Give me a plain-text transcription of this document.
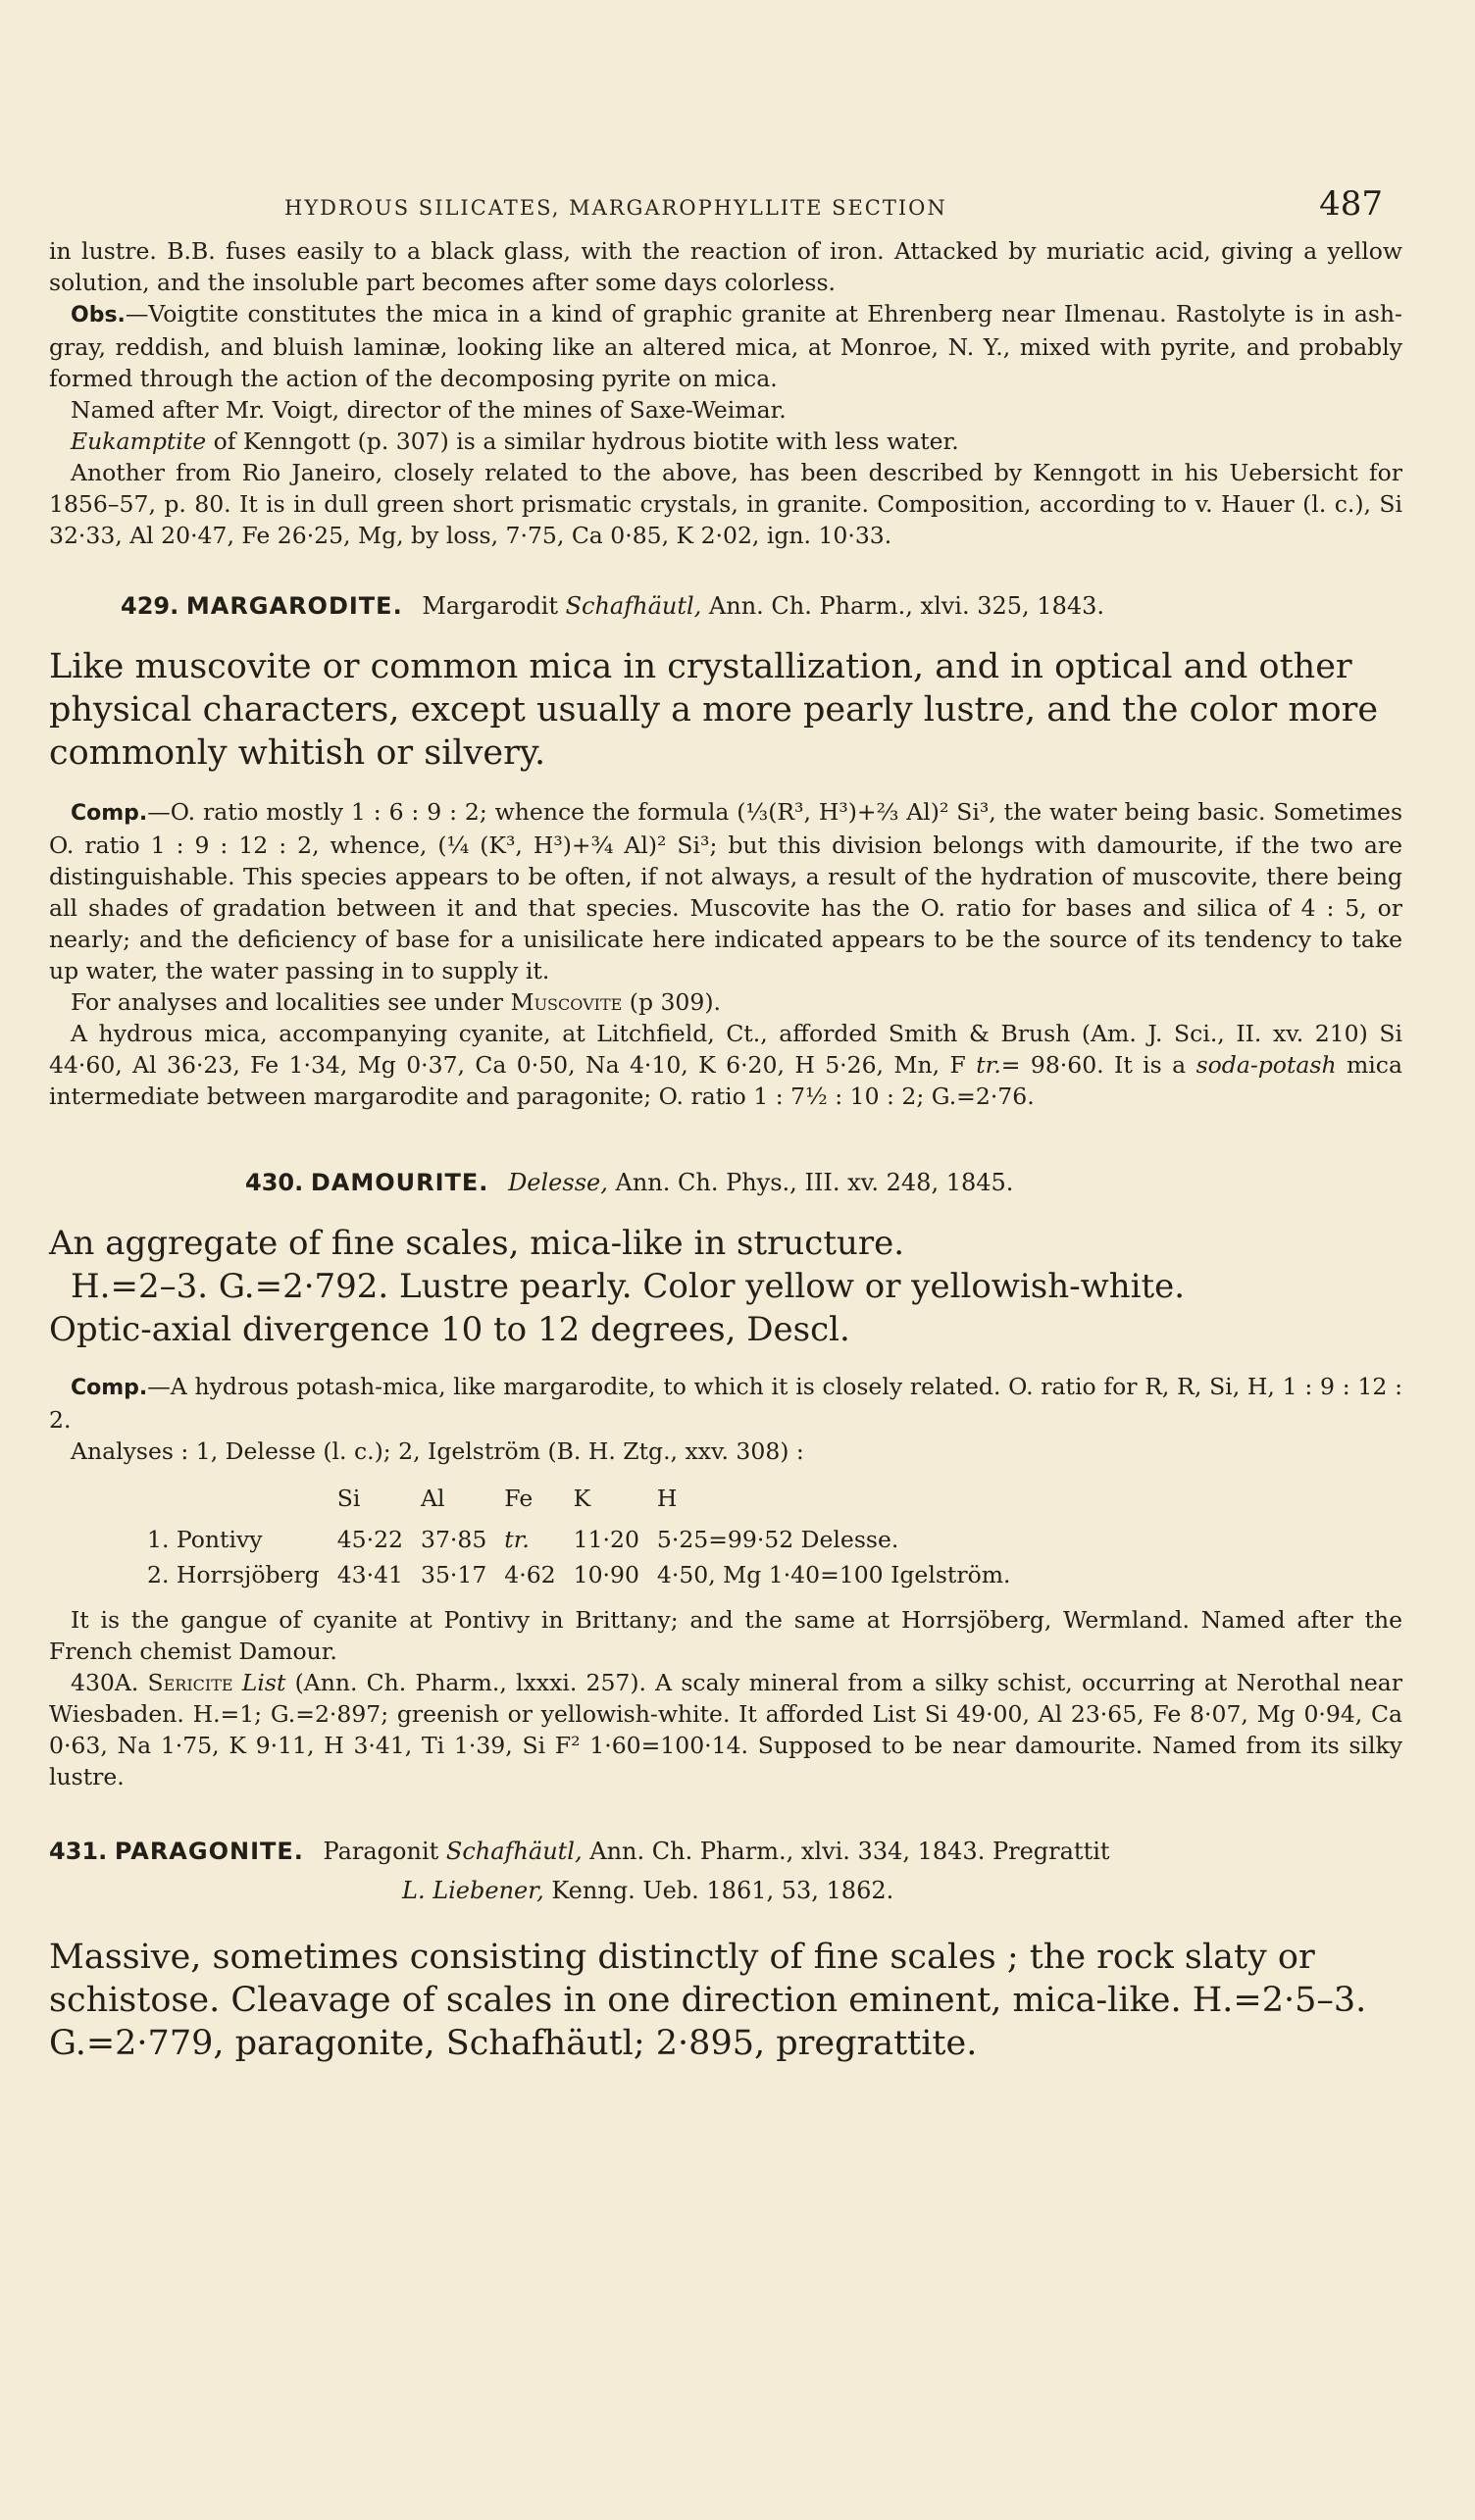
HYDROUS SILICATES, MARGAROPHYLLITE SECTION	487

in lustre. B.B. fuses easily to a black glass, with the reaction of iron. Attacked by muriatic acid, giving a yellow solution, and the insoluble part becomes after some days colorless.

Obs.—Voigtite constitutes the mica in a kind of graphic granite at Ehrenberg near Ilmenau. Rastolyte is in ash-gray, reddish, and bluish laminæ, looking like an altered mica, at Monroe, N. Y., mixed with pyrite, and probably formed through the action of the decomposing pyrite on mica.

Named after Mr. Voigt, director of the mines of Saxe-Weimar.

Eukamptite of Kenngott (p. 307) is a similar hydrous biotite with less water.

Another from Rio Janeiro, closely related to the above, has been described by Kenngott in his Uebersicht for 1856–57, p. 80. It is in dull green short prismatic crystals, in granite. Composition, according to v. Hauer (l. c.), Si 32·33, Al 20·47, Fe 26·25, Mg, by loss, 7·75, Ca 0·85, K 2·02, ign. 10·33.

429. MARGARODITE. Margarodit Schafhäutl, Ann. Ch. Pharm., xlvi. 325, 1843.

Like muscovite or common mica in crystallization, and in optical and other physical characters, except usually a more pearly lustre, and the color more commonly whitish or silvery.

Comp.—O. ratio mostly 1 : 6 : 9 : 2; whence the formula (⅓(R³, H³)+⅔ Al)² Si³, the water being basic. Sometimes O. ratio 1 : 9 : 12 : 2, whence, (¼ (K³, H³)+¾ Al)² Si³; but this division belongs with damourite, if the two are distinguishable. This species appears to be often, if not always, a result of the hydration of muscovite, there being all shades of gradation between it and that species. Muscovite has the O. ratio for bases and silica of 4 : 5, or nearly; and the deficiency of base for a unisilicate here indicated appears to be the source of its tendency to take up water, the water passing in to supply it.

For analyses and localities see under Muscovite (p 309).

A hydrous mica, accompanying cyanite, at Litchfield, Ct., afforded Smith & Brush (Am. J. Sci., II. xv. 210) Si 44·60, Al 36·23, Fe 1·34, Mg 0·37, Ca 0·50, Na 4·10, K 6·20, H 5·26, Mn, F tr.= 98·60. It is a soda-potash mica intermediate between margarodite and paragonite; O. ratio 1 : 7½ : 10 : 2; G.=2·76.

430. DAMOURITE. Delesse, Ann. Ch. Phys., III. xv. 248, 1845.

An aggregate of fine scales, mica-like in structure.

H.=2–3. G.=2·792. Lustre pearly. Color yellow or yellowish-white.

Optic-axial divergence 10 to 12 degrees, Descl.

Comp.—A hydrous potash-mica, like margarodite, to which it is closely related. O. ratio for R, R, Si, H, 1 : 9 : 12 : 2.

Analyses : 1, Delesse (l. c.); 2, Igelström (B. H. Ztg., xxv. 308) :

	Si	Al	Fe	K	H
1. Pontivy	45·22	37·85	tr.	11·20	5·25=99·52 Delesse.
2. Horrsjöberg	43·41	35·17	4·62	10·90	4·50, Mg 1·40=100 Igelström.

It is the gangue of cyanite at Pontivy in Brittany; and the same at Horrsjöberg, Wermland. Named after the French chemist Damour.

430A. Sericite List (Ann. Ch. Pharm., lxxxi. 257). A scaly mineral from a silky schist, occurring at Nerothal near Wiesbaden. H.=1; G.=2·897; greenish or yellowish-white. It afforded List Si 49·00, Al 23·65, Fe 8·07, Mg 0·94, Ca 0·63, Na 1·75, K 9·11, H 3·41, Ti 1·39, Si F² 1·60=100·14. Supposed to be near damourite. Named from its silky lustre.

431. PARAGONITE. Paragonit Schafhäutl, Ann. Ch. Pharm., xlvi. 334, 1843. Pregrattit
L. Liebener, Kenng. Ueb. 1861, 53, 1862.

Massive, sometimes consisting distinctly of fine scales ; the rock slaty or schistose. Cleavage of scales in one direction eminent, mica-like. H.=2·5–3. G.=2·779, paragonite, Schafhäutl; 2·895, pregrattite.
